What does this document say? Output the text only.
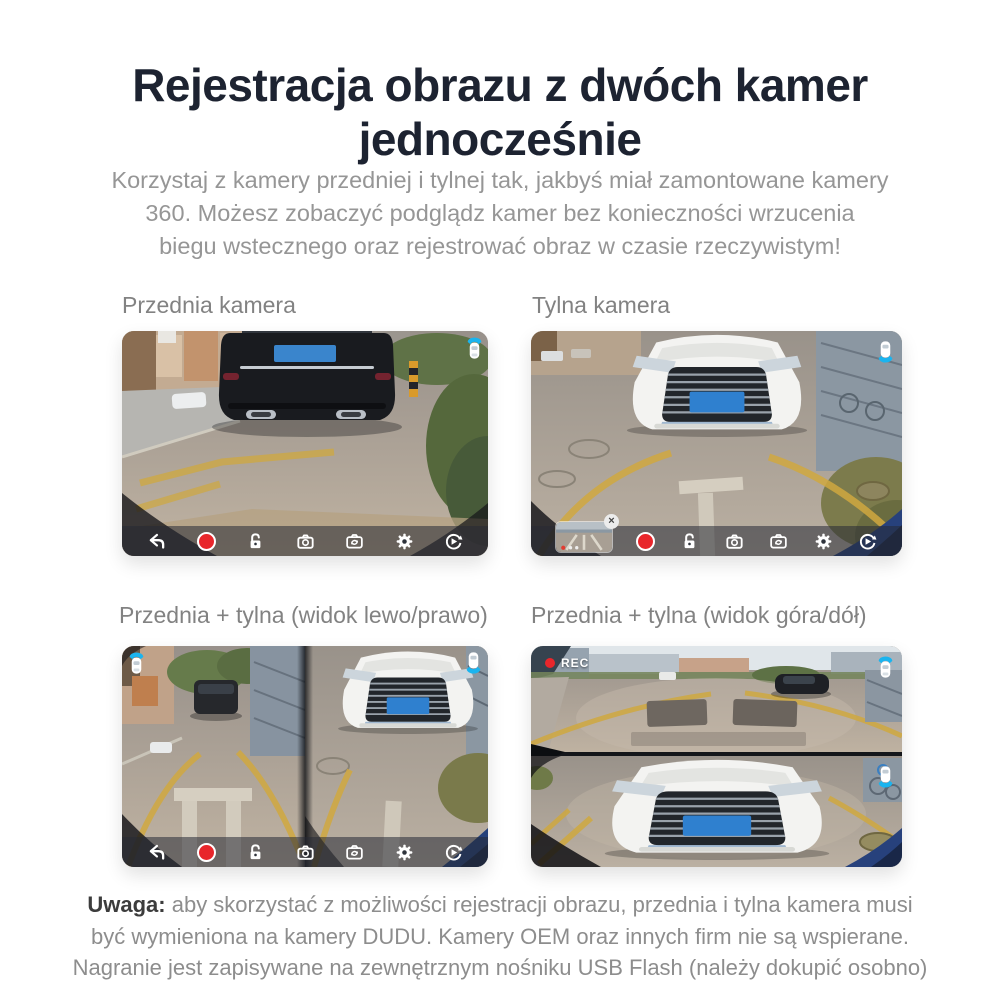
Rejestracja obrazu z dwóch kamer
jednocześnie
Korzystaj z kamery przedniej i tylnej tak, jakbyś miał zamontowane kamery
360. Możesz zobaczyć podglądz kamer bez konieczności wrzucenia
biegu wstecznego oraz rejestrować obraz w czasie rzeczywistym!
Przednia kamera	Tylna kamera
Przednia + tylna (widok lewo/prawo) Przednia + tylna (widok góra/dół)
×
REC
Uwaga: aby skorzystać z możliwości rejestracji obrazu, przednia i tylna kamera musi
być wymieniona na kamery DUDU. Kamery OEM oraz innych firm nie są wspierane.
Nagranie jest zapisywane na zewnętrznym nośniku USB Flash (należy dokupić osobno)
